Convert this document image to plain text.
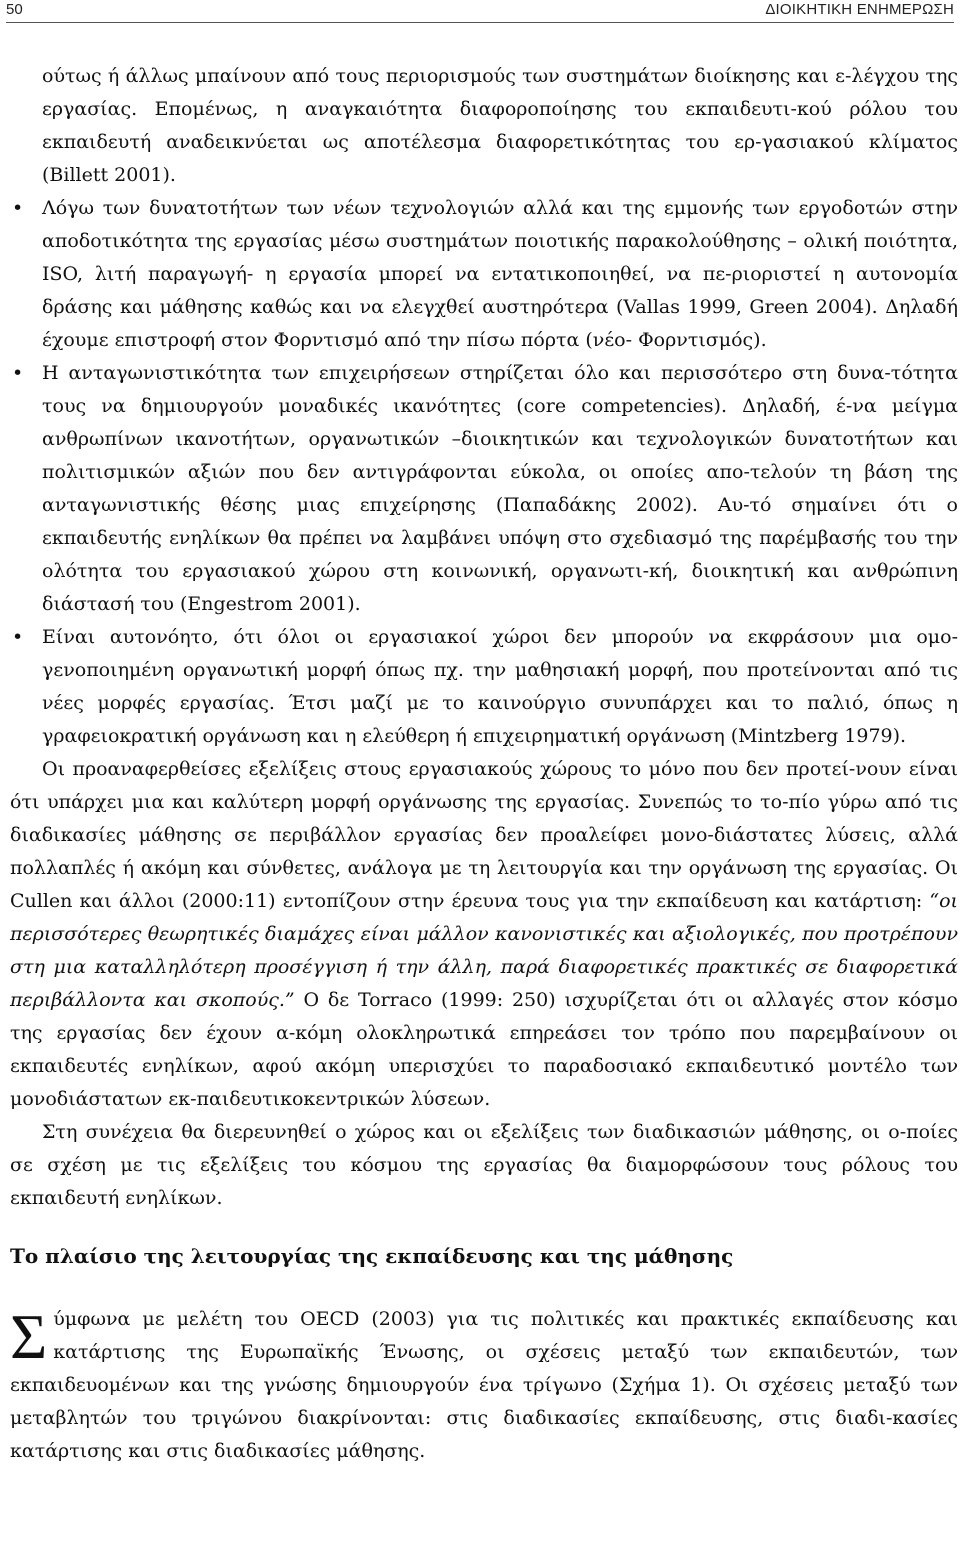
50	ΔΙΟΙΚΗΤΙΚΗ ΕΝΗΜΕΡΩΣΗ

ούτως ή άλλως μπαίνουν από τους περιορισμούς των συστημάτων διοίκησης και ε-λέγχου της εργασίας. Επομένως, η αναγκαιότητα διαφοροποίησης του εκπαιδευτι-κού ρόλου του εκπαιδευτή αναδεικνύεται ως αποτέλεσμα διαφορετικότητας του ερ-γασιακού κλίματος (Billett 2001).

• Λόγω των δυνατοτήτων των νέων τεχνολογιών αλλά και της εμμονής των εργοδοτών στην αποδοτικότητα της εργασίας μέσω συστημάτων ποιοτικής παρακολούθησης – ολική ποιότητα, ISO, λιτή παραγωγή- η εργασία μπορεί να εντατικοποιηθεί, να πε-ριοριστεί η αυτονομία δράσης και μάθησης καθώς και να ελεγχθεί αυστηρότερα (Vallas 1999, Green 2004). Δηλαδή έχουμε επιστροφή στον Φορντισμό από την πίσω πόρτα (νέο- Φορντισμός).
• Η ανταγωνιστικότητα των επιχειρήσεων στηρίζεται όλο και περισσότερο στη δυνα-τότητα τους να δημιουργούν μοναδικές ικανότητες (core competencies). Δηλαδή, έ-να μείγμα ανθρωπίνων ικανοτήτων, οργανωτικών –διοικητικών και τεχνολογικών δυνατοτήτων και πολιτισμικών αξιών που δεν αντιγράφονται εύκολα, οι οποίες απο-τελούν τη βάση της ανταγωνιστικής θέσης μιας επιχείρησης (Παπαδάκης 2002). Αυ-τό σημαίνει ότι ο εκπαιδευτής ενηλίκων θα πρέπει να λαμβάνει υπόψη στο σχεδιασμό της παρέμβασής του την ολότητα του εργασιακού χώρου στη κοινωνική, οργανωτι-κή, διοικητική και ανθρώπινη διάστασή του (Engestrom 2001).
• Είναι αυτονόητο, ότι όλοι οι εργασιακοί χώροι δεν μπορούν να εκφράσουν μια ομο-γενοποιημένη οργανωτική μορφή όπως πχ. την μαθησιακή μορφή, που προτείνονται από τις νέες μορφές εργασίας. Έτσι μαζί με το καινούργιο συνυπάρχει και το παλιό, όπως η γραφειοκρατική οργάνωση και η ελεύθερη ή επιχειρηματική οργάνωση (Mintzberg 1979).

Οι προαναφερθείσες εξελίξεις στους εργασιακούς χώρους το μόνο που δεν προτεί-νουν είναι ότι υπάρχει μια και καλύτερη μορφή οργάνωσης της εργασίας. Συνεπώς το το-πίο γύρω από τις διαδικασίες μάθησης σε περιβάλλον εργασίας δεν προαλείφει μονο-διάστατες λύσεις, αλλά πολλαπλές ή ακόμη και σύνθετες, ανάλογα με τη λειτουργία και την οργάνωση της εργασίας. Οι Cullen και άλλοι (2000:11) εντοπίζουν στην έρευνα τους για την εκπαίδευση και κατάρτιση: “οι περισσότερες θεωρητικές διαμάχες είναι μάλλον κανονιστικές και αξιολογικές, που προτρέπουν στη μια καταλληλότερη προσέγγιση ή την άλλη, παρά διαφορετικές πρακτικές σε διαφορετικά περιβάλλοντα και σκοπούς.” Ο δε Torraco (1999: 250) ισχυρίζεται ότι οι αλλαγές στον κόσμο της εργασίας δεν έχουν α-κόμη ολοκληρωτικά επηρεάσει τον τρόπο που παρεμβαίνουν οι εκπαιδευτές ενηλίκων, αφού ακόμη υπερισχύει το παραδοσιακό εκπαιδευτικό μοντέλο των μονοδιάστατων εκ-παιδευτικοκεντρικών λύσεων.

Στη συνέχεια θα διερευνηθεί ο χώρος και οι εξελίξεις των διαδικασιών μάθησης, οι ο-ποίες σε σχέση με τις εξελίξεις του κόσμου της εργασίας θα διαμορφώσουν τους ρόλους του εκπαιδευτή ενηλίκων.

Το πλαίσιο της λειτουργίας της εκπαίδευσης και της μάθησης

Σύμφωνα με μελέτη του OECD (2003) για τις πολιτικές και πρακτικές εκπαίδευσης και κατάρτισης της Ευρωπαϊκής Ένωσης, οι σχέσεις μεταξύ των εκπαιδευτών, των εκπαιδευομένων και της γνώσης δημιουργούν ένα τρίγωνο (Σχήμα 1). Οι σχέσεις μεταξύ των μεταβλητών του τριγώνου διακρίνονται: στις διαδικασίες εκπαίδευσης, στις διαδι-κασίες κατάρτισης και στις διαδικασίες μάθησης.
